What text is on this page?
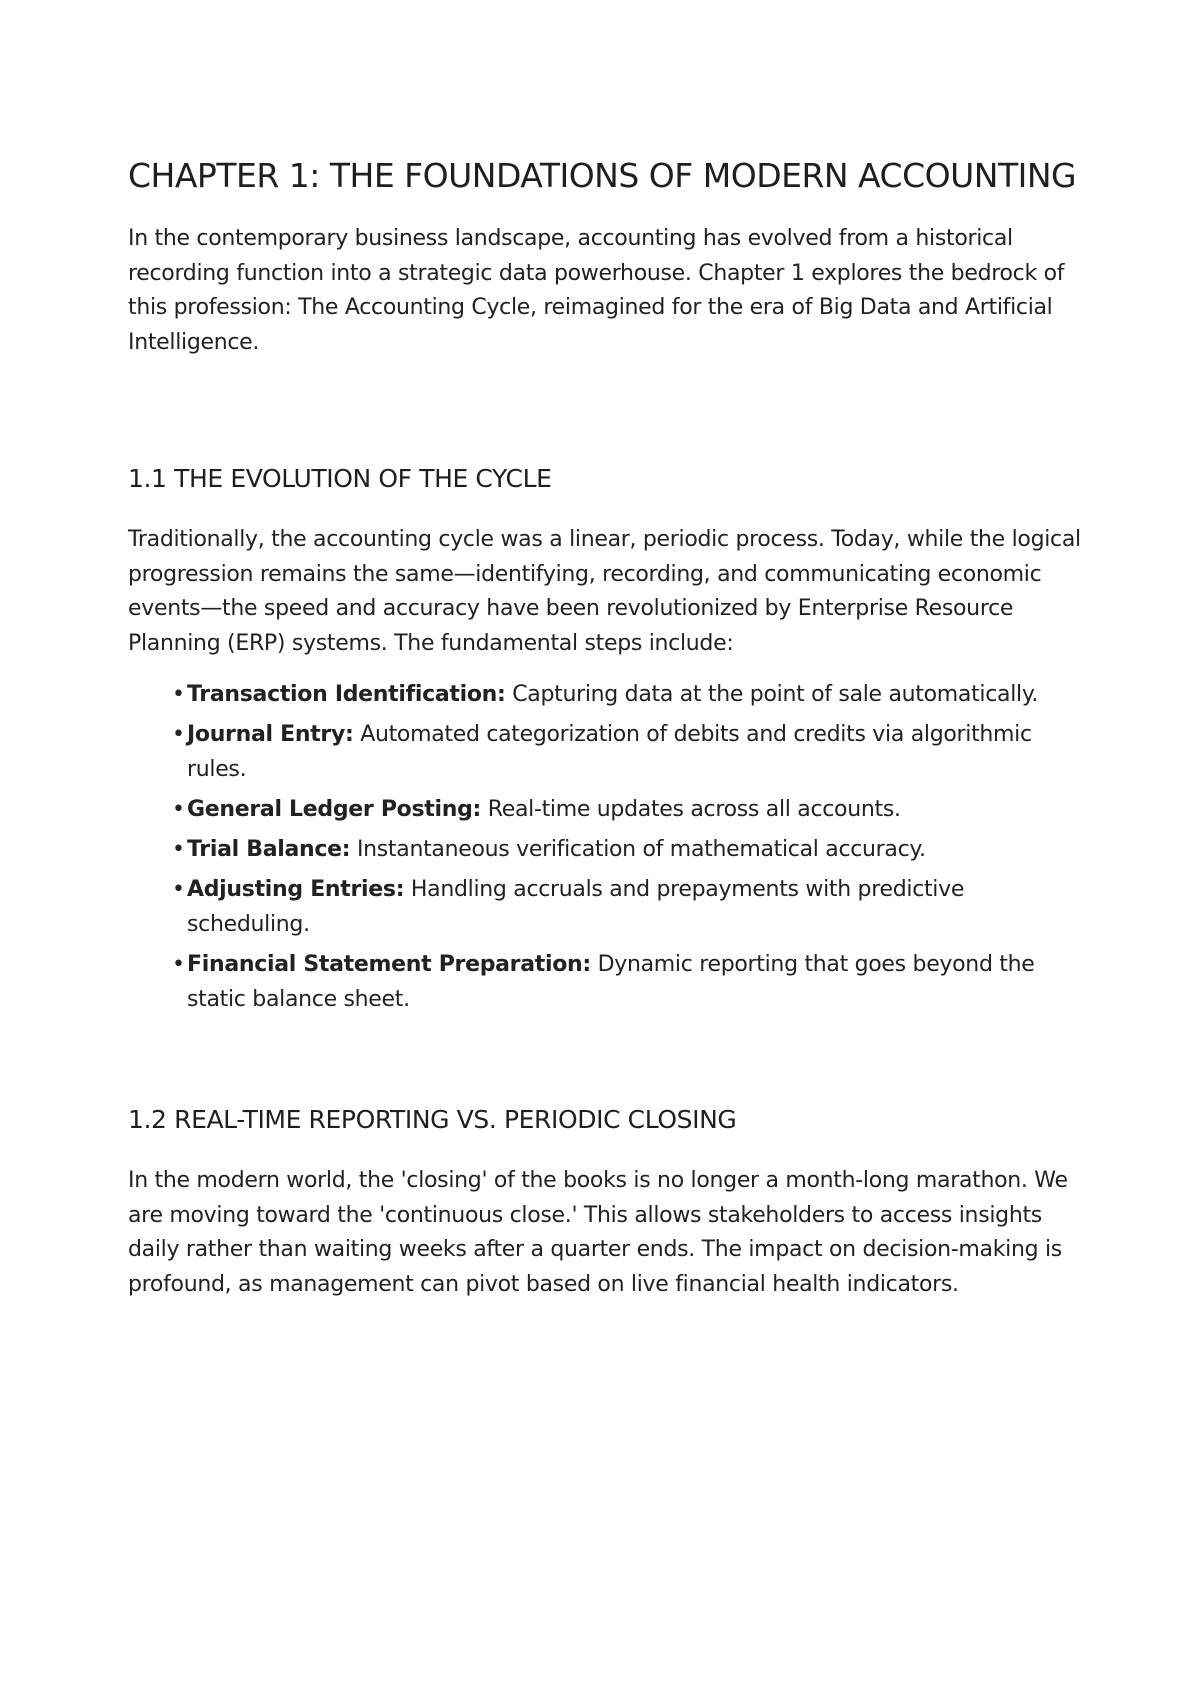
CHAPTER 1: THE FOUNDATIONS OF MODERN ACCOUNTING

In the contemporary business landscape, accounting has evolved from a historical recording function into a strategic data powerhouse. Chapter 1 explores the bedrock of this profession: The Accounting Cycle, reimagined for the era of Big Data and Artificial Intelligence.

1.1 THE EVOLUTION OF THE CYCLE

Traditionally, the accounting cycle was a linear, periodic process. Today, while the logical progression remains the same—identifying, recording, and communicating economic events—the speed and accuracy have been revolutionized by Enterprise Resource Planning (ERP) systems. The fundamental steps include:

• Transaction Identification: Capturing data at the point of sale automatically.
• Journal Entry: Automated categorization of debits and credits via algorithmic rules.
• General Ledger Posting: Real-time updates across all accounts.
• Trial Balance: Instantaneous verification of mathematical accuracy.
• Adjusting Entries: Handling accruals and prepayments with predictive scheduling.
• Financial Statement Preparation: Dynamic reporting that goes beyond the static balance sheet.
1.2 REAL-TIME REPORTING VS. PERIODIC CLOSING

In the modern world, the 'closing' of the books is no longer a month-long marathon. We are moving toward the 'continuous close.' This allows stakeholders to access insights daily rather than waiting weeks after a quarter ends. The impact on decision-making is profound, as management can pivot based on live financial health indicators.
